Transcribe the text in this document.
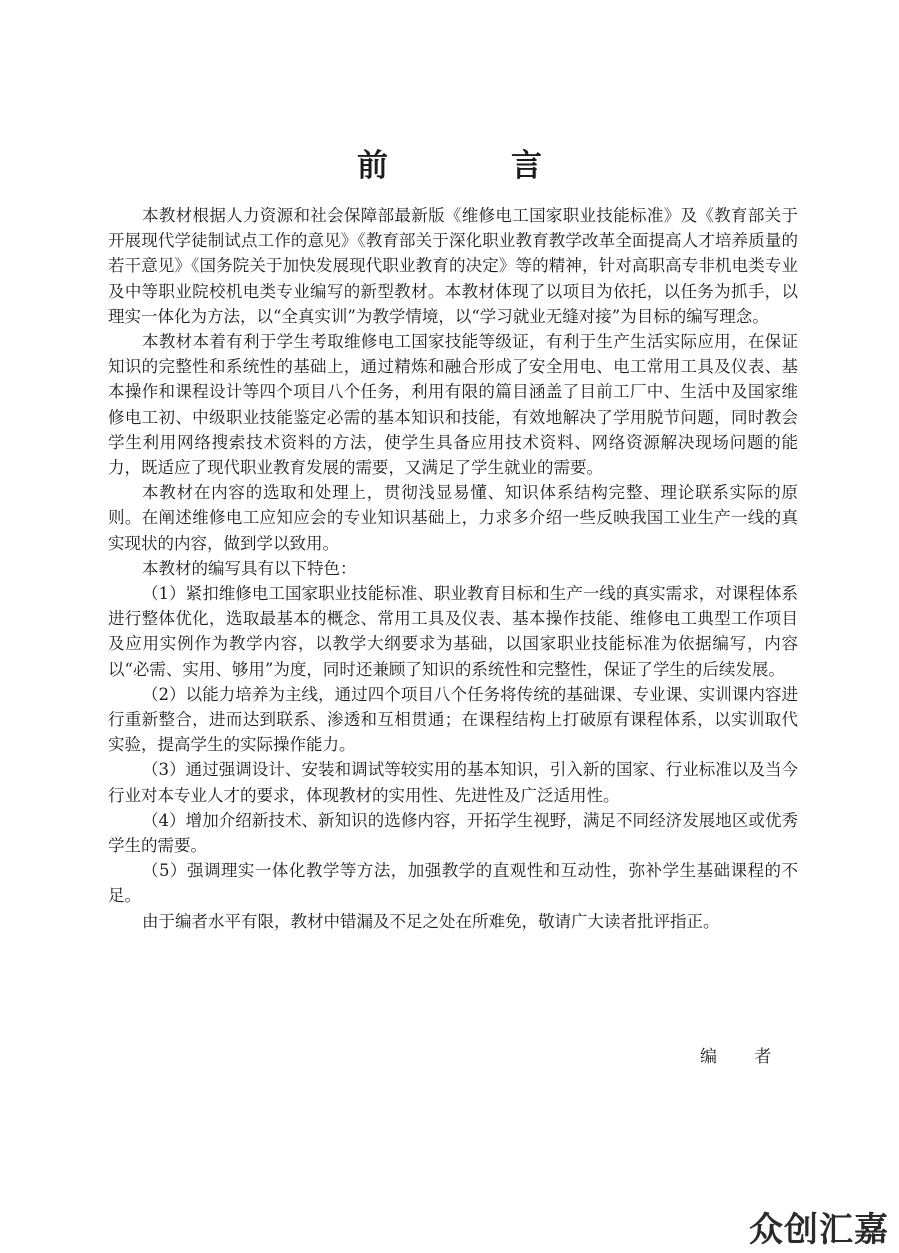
前　言

本教材根据人力资源和社会保障部最新版《维修电工国家职业技能标准》及《教育部关于开展现代学徒制试点工作的意见》《教育部关于深化职业教育教学改革全面提高人才培养质量的若干意见》《国务院关于加快发展现代职业教育的决定》等的精神，针对高职高专非机电类专业及中等职业院校机电类专业编写的新型教材。本教材体现了以项目为依托，以任务为抓手，以理实一体化为方法，以“全真实训”为教学情境，以“学习就业无缝对接”为目标的编写理念。

本教材本着有利于学生考取维修电工国家技能等级证，有利于生产生活实际应用，在保证知识的完整性和系统性的基础上，通过精炼和融合形成了安全用电、电工常用工具及仪表、基本操作和课程设计等四个项目八个任务，利用有限的篇目涵盖了目前工厂中、生活中及国家维修电工初、中级职业技能鉴定必需的基本知识和技能，有效地解决了学用脱节问题，同时教会学生利用网络搜索技术资料的方法，使学生具备应用技术资料、网络资源解决现场问题的能力，既适应了现代职业教育发展的需要，又满足了学生就业的需要。

本教材在内容的选取和处理上，贯彻浅显易懂、知识体系结构完整、理论联系实际的原则。在阐述维修电工应知应会的专业知识基础上，力求多介绍一些反映我国工业生产一线的真实现状的内容，做到学以致用。

本教材的编写具有以下特色：

（1）紧扣维修电工国家职业技能标准、职业教育目标和生产一线的真实需求，对课程体系进行整体优化，选取最基本的概念、常用工具及仪表、基本操作技能、维修电工典型工作项目及应用实例作为教学内容，以教学大纲要求为基础，以国家职业技能标准为依据编写，内容以“必需、实用、够用”为度，同时还兼顾了知识的系统性和完整性，保证了学生的后续发展。

（2）以能力培养为主线，通过四个项目八个任务将传统的基础课、专业课、实训课内容进行重新整合，进而达到联系、渗透和互相贯通；在课程结构上打破原有课程体系，以实训取代实验，提高学生的实际操作能力。

（3）通过强调设计、安装和调试等较实用的基本知识，引入新的国家、行业标准以及当今行业对本专业人才的要求，体现教材的实用性、先进性及广泛适用性。

（4）增加介绍新技术、新知识的选修内容，开拓学生视野，满足不同经济发展地区或优秀学生的需要。

（5）强调理实一体化教学等方法，加强教学的直观性和互动性，弥补学生基础课程的不足。

由于编者水平有限，教材中错漏及不足之处在所难免，敬请广大读者批评指正。

编 者

众创汇嘉
